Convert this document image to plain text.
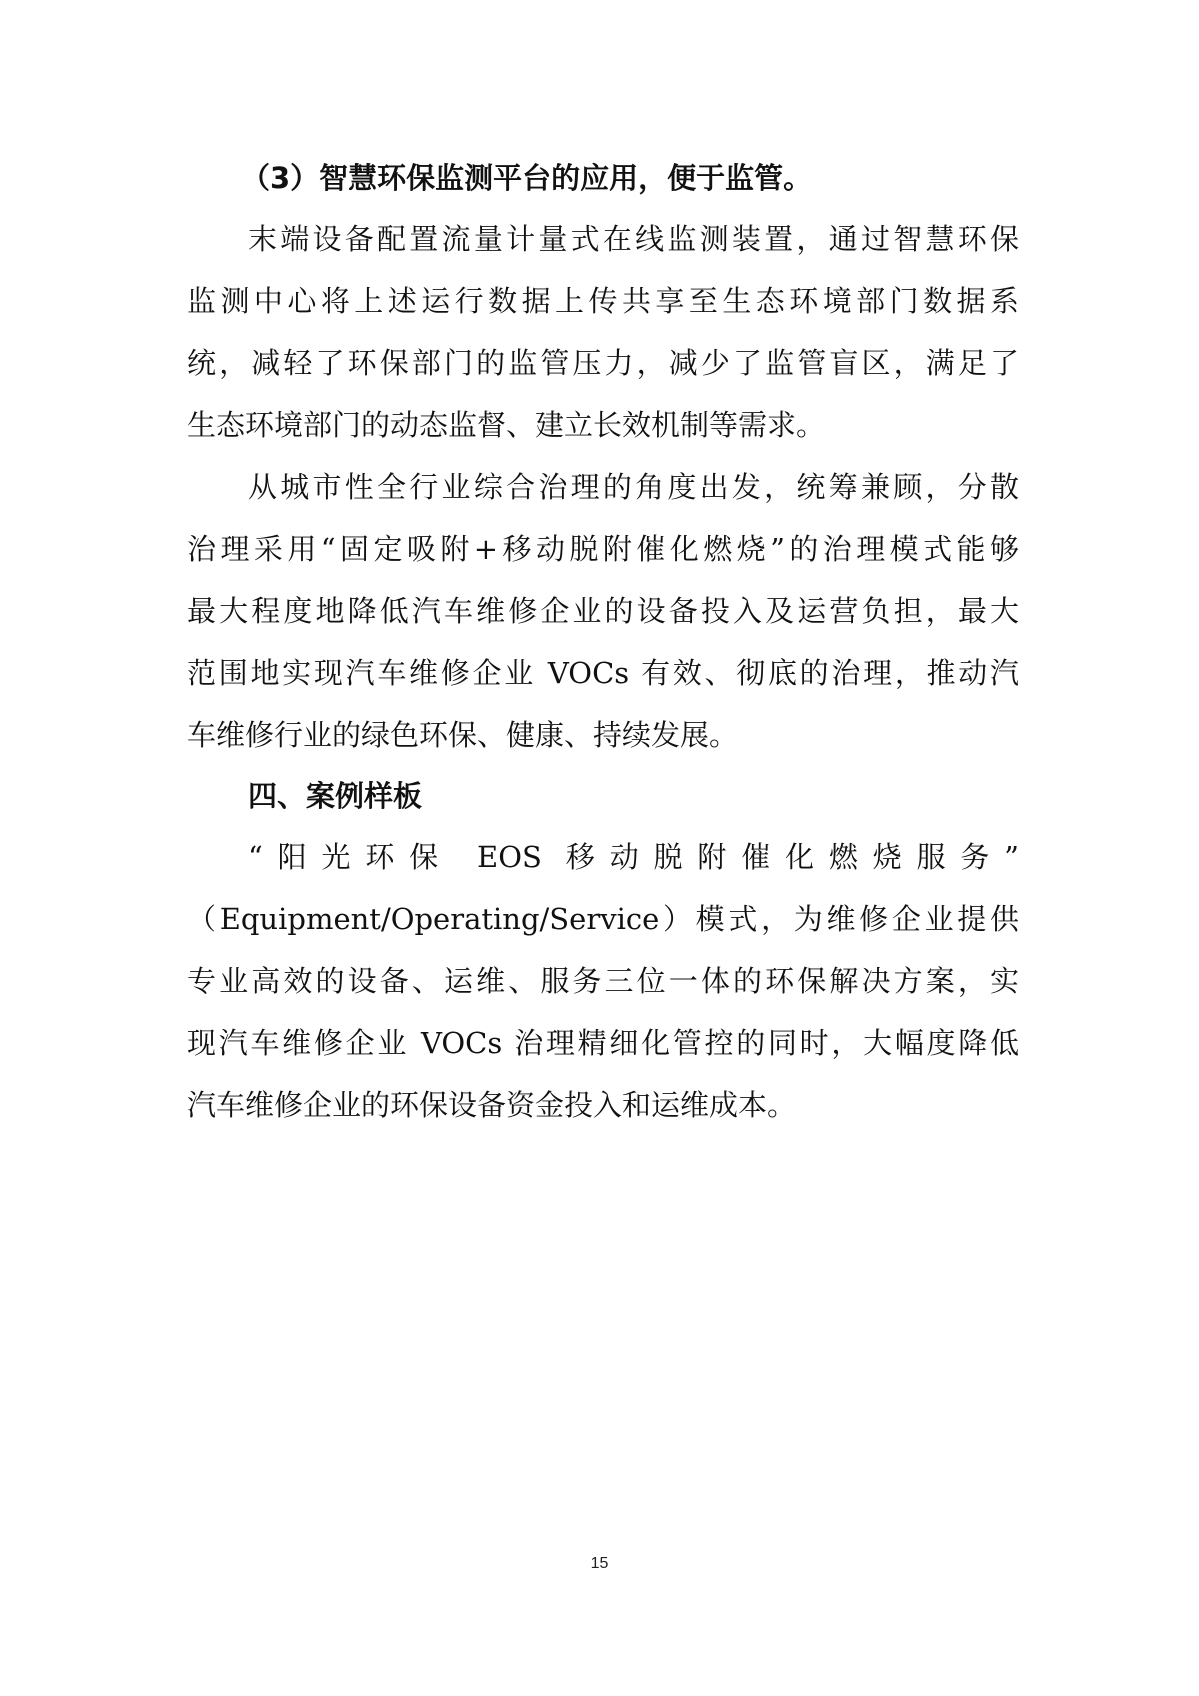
（3）智慧环保监测平台的应用，便于监管。
末端设备配置流量计量式在线监测装置，通过智慧环保
监测中心将上述运行数据上传共享至生态环境部门数据系
统，减轻了环保部门的监管压力，减少了监管盲区，满足了
生态环境部门的动态监督、建立长效机制等需求。
从城市性全行业综合治理的角度出发，统筹兼顾，分散
治理采用“固定吸附+移动脱附催化燃烧”的治理模式能够
最大程度地降低汽车维修企业的设备投入及运营负担，最大
范围地实现汽车维修企业 VOCs 有效、彻底的治理，推动汽
车维修行业的绿色环保、健康、持续发展。
四、案例样板
“阳光环保 EOS 移动脱附催化燃烧服务”
（Equipment/Operating/Service）模式，为维修企业提供
专业高效的设备、运维、服务三位一体的环保解决方案，实
现汽车维修企业 VOCs 治理精细化管控的同时，大幅度降低
汽车维修企业的环保设备资金投入和运维成本。
15
